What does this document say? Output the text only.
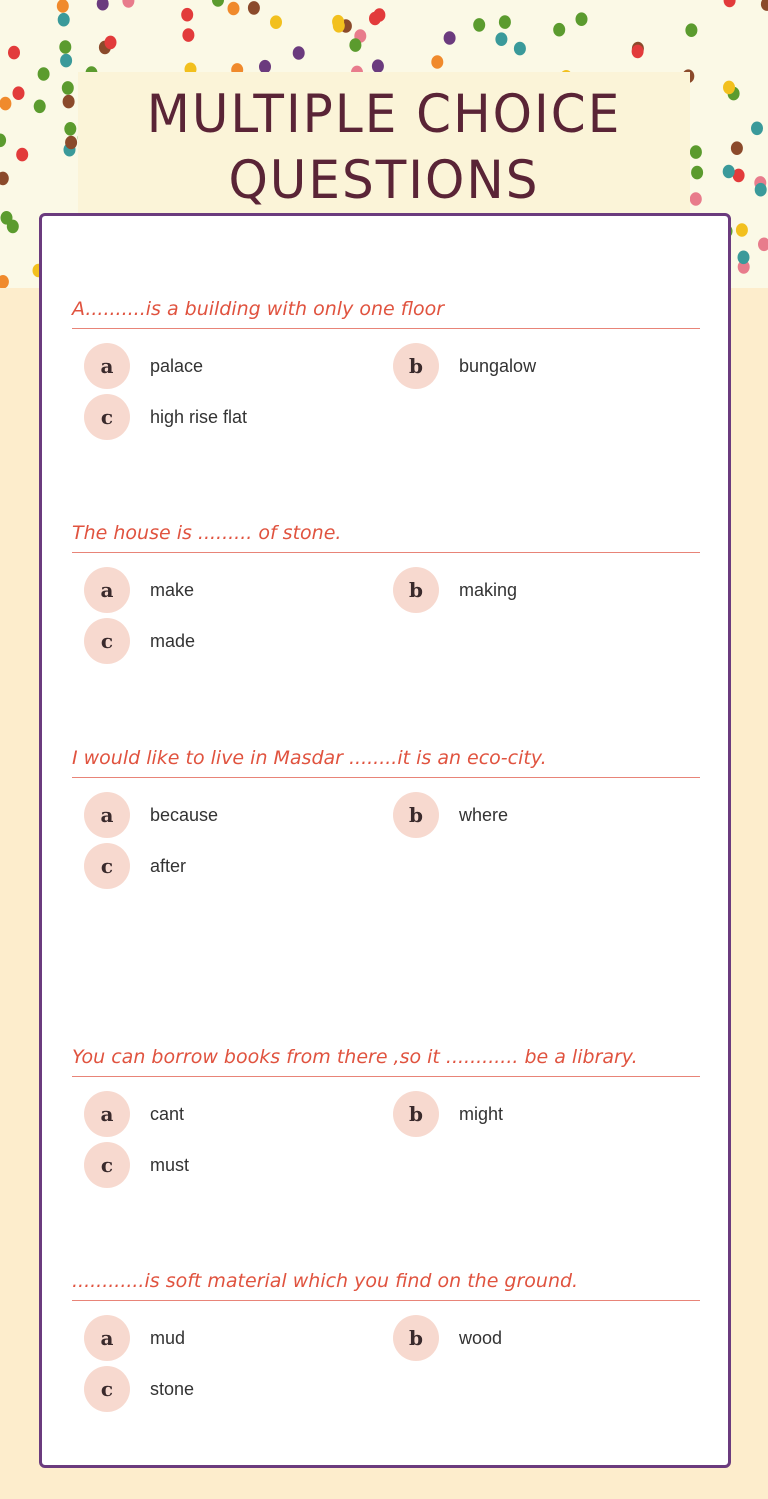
MULTIPLE CHOICE
QUESTIONS
A..........is a building with only one floor
a	palace	b	bungalow
c	high rise flat
The house is ......... of stone.
a	make	b	making
c	made
I would like to live in Masdar ........it is an eco-city.
a	because	b	where
c	after
You can borrow books from there ,so it ............ be a library.
a	cant	b	might
c	must
............is soft material which you find on the ground.
a	mud	b	wood
c	stone
